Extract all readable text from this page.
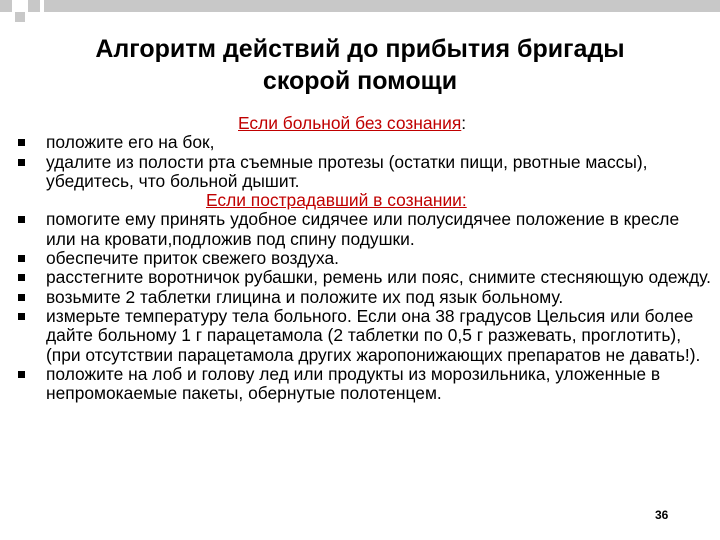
Алгоритм действий до прибытия бригады
скорой помощи
Если больной без сознания:
положите его на бок,
удалите из полости рта съемные протезы (остатки пищи, рвотные массы), убедитесь, что больной дышит.
Если пострадавший в сознании:
помогите ему принять удобное сидячее или полусидячее положение в кресле или на кровати,подложив под спину подушки.
обеспечите приток свежего воздуха.
расстегните воротничок рубашки, ремень или пояс, снимите стесняющую одежду.
возьмите 2 таблетки глицина и положите их под язык больному.
измерьте температуру тела больного. Если она 38 градусов Цельсия или более дайте больному 1 г парацетамола (2 таблетки по 0,5 г разжевать, проглотить), (при отсутствии парацетамола других жаропонижающих препаратов не давать!).
положите на лоб и голову лед или продукты из морозильника, уложенные в непромокаемые пакеты, обернутые полотенцем.
36
